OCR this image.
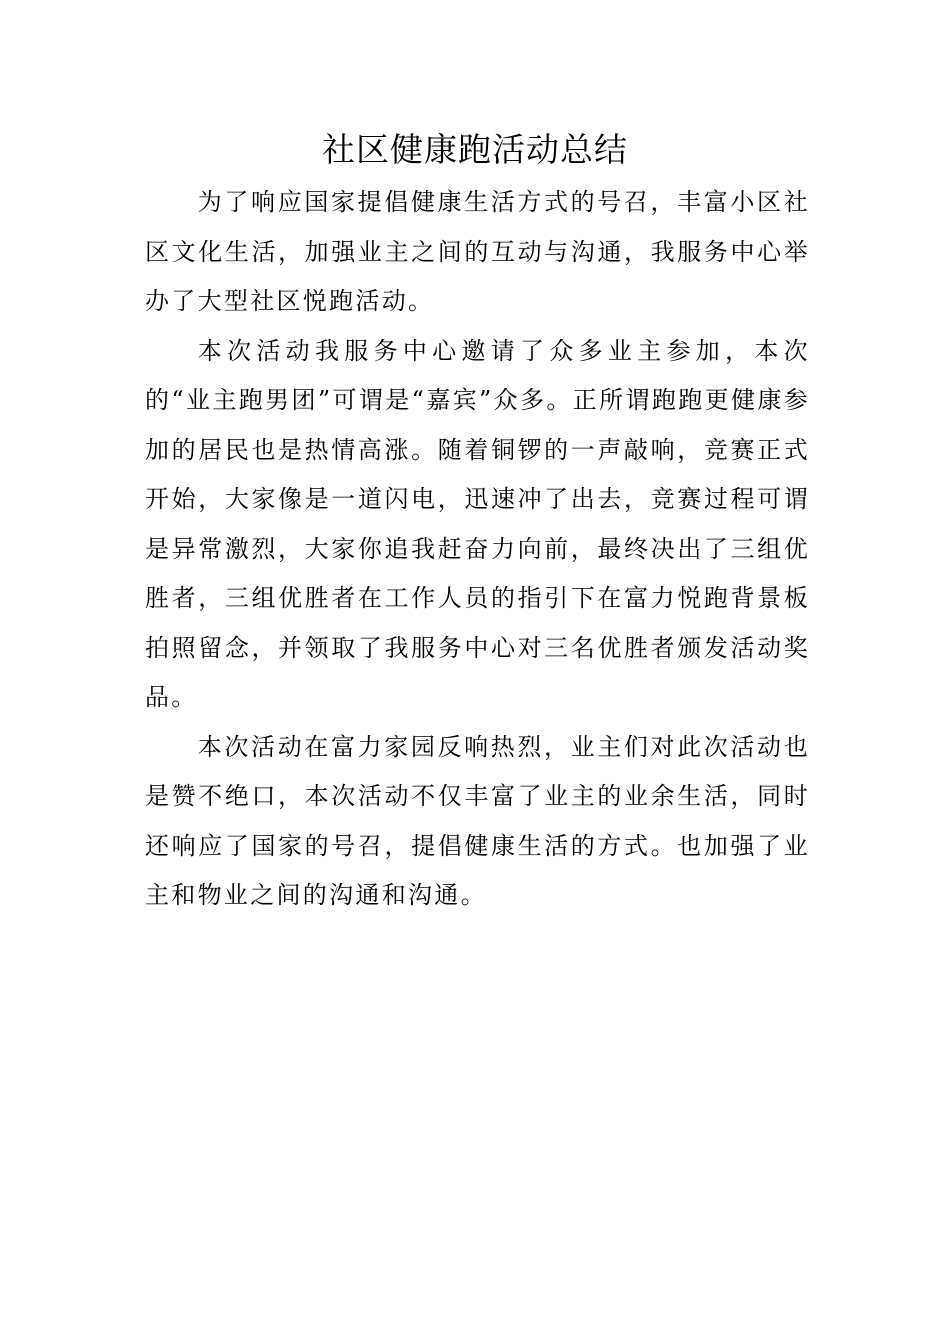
社区健康跑活动总结

为了响应国家提倡健康生活方式的号召，丰富小区社区文化生活，加强业主之间的互动与沟通，我服务中心举办了大型社区悦跑活动。

本次活动我服务中心邀请了众多业主参加，本次的“业主跑男团”可谓是“嘉宾”众多。正所谓跑跑更健康参加的居民也是热情高涨。随着铜锣的一声敲响，竞赛正式开始，大家像是一道闪电，迅速冲了出去，竞赛过程可谓是异常激烈，大家你追我赶奋力向前，最终决出了三组优胜者，三组优胜者在工作人员的指引下在富力悦跑背景板拍照留念，并领取了我服务中心对三名优胜者颁发活动奖品。

本次活动在富力家园反响热烈，业主们对此次活动也是赞不绝口，本次活动不仅丰富了业主的业余生活，同时还响应了国家的号召，提倡健康生活的方式。也加强了业主和物业之间的沟通和沟通。
